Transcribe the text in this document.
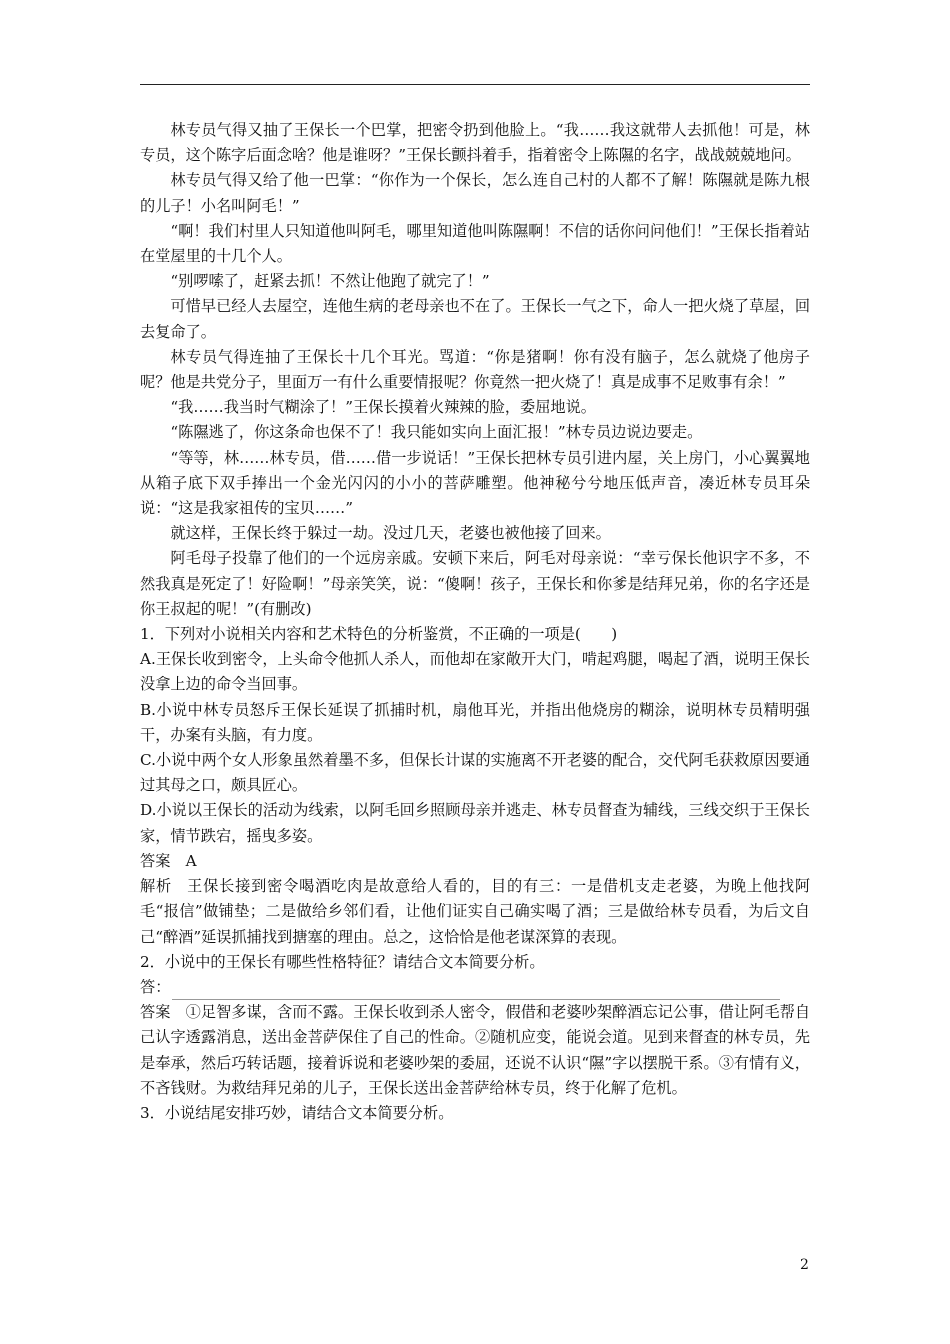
林专员气得又抽了王保长一个巴掌，把密令扔到他脸上。“我……我这就带人去抓他！可是，林专员，这个陈字后面念啥？他是谁呀？”王保长颤抖着手，指着密令上陈隰的名字，战战兢兢地问。

林专员气得又给了他一巴掌：“你作为一个保长，怎么连自己村的人都不了解！陈隰就是陈九根的儿子！小名叫阿毛！”

“啊！我们村里人只知道他叫阿毛，哪里知道他叫陈隰啊！不信的话你问问他们！”王保长指着站在堂屋里的十几个人。

“别啰嗦了，赶紧去抓！不然让他跑了就完了！”

可惜早已经人去屋空，连他生病的老母亲也不在了。王保长一气之下，命人一把火烧了草屋，回去复命了。

林专员气得连抽了王保长十几个耳光。骂道：“你是猪啊！你有没有脑子，怎么就烧了他房子呢？他是共党分子，里面万一有什么重要情报呢？你竟然一把火烧了！真是成事不足败事有余！”

“我……我当时气糊涂了！”王保长摸着火辣辣的脸，委屈地说。

“陈隰逃了，你这条命也保不了！我只能如实向上面汇报！”林专员边说边要走。

“等等，林……林专员，借……借一步说话！”王保长把林专员引进内屋，关上房门，小心翼翼地从箱子底下双手捧出一个金光闪闪的小小的菩萨雕塑。他神秘兮兮地压低声音，凑近林专员耳朵说：“这是我家祖传的宝贝……”

就这样，王保长终于躲过一劫。没过几天，老婆也被他接了回来。

阿毛母子投靠了他们的一个远房亲戚。安顿下来后，阿毛对母亲说：“幸亏保长他识字不多，不然我真是死定了！好险啊！”母亲笑笑，说：“傻啊！孩子，王保长和你爹是结拜兄弟，你的名字还是你王叔起的呢！”(有删改)

1．下列对小说相关内容和艺术特色的分析鉴赏，不正确的一项是(　　)

A.王保长收到密令，上头命令他抓人杀人，而他却在家敞开大门，啃起鸡腿，喝起了酒，说明王保长没拿上边的命令当回事。

B.小说中林专员怒斥王保长延误了抓捕时机，扇他耳光，并指出他烧房的糊涂，说明林专员精明强干，办案有头脑，有力度。

C.小说中两个女人形象虽然着墨不多，但保长计谋的实施离不开老婆的配合，交代阿毛获救原因要通过其母之口，颇具匠心。

D.小说以王保长的活动为线索，以阿毛回乡照顾母亲并逃走、林专员督查为辅线，三线交织于王保长家，情节跌宕，摇曳多姿。

答案 A

解析 王保长接到密令喝酒吃肉是故意给人看的，目的有三：一是借机支走老婆，为晚上他找阿毛“报信”做铺垫；二是做给乡邻们看，让他们证实自己确实喝了酒；三是做给林专员看，为后文自己“醉酒”延误抓捕找到搪塞的理由。总之，这恰恰是他老谋深算的表现。

2．小说中的王保长有哪些性格特征？请结合文本简要分析。

答：

答案 ①足智多谋，含而不露。王保长收到杀人密令，假借和老婆吵架醉酒忘记公事，借让阿毛帮自己认字透露消息，送出金菩萨保住了自己的性命。②随机应变，能说会道。见到来督查的林专员，先是奉承，然后巧转话题，接着诉说和老婆吵架的委屈，还说不认识“隰”字以摆脱干系。③有情有义，不吝钱财。为救结拜兄弟的儿子，王保长送出金菩萨给林专员，终于化解了危机。

3．小说结尾安排巧妙，请结合文本简要分析。

2
